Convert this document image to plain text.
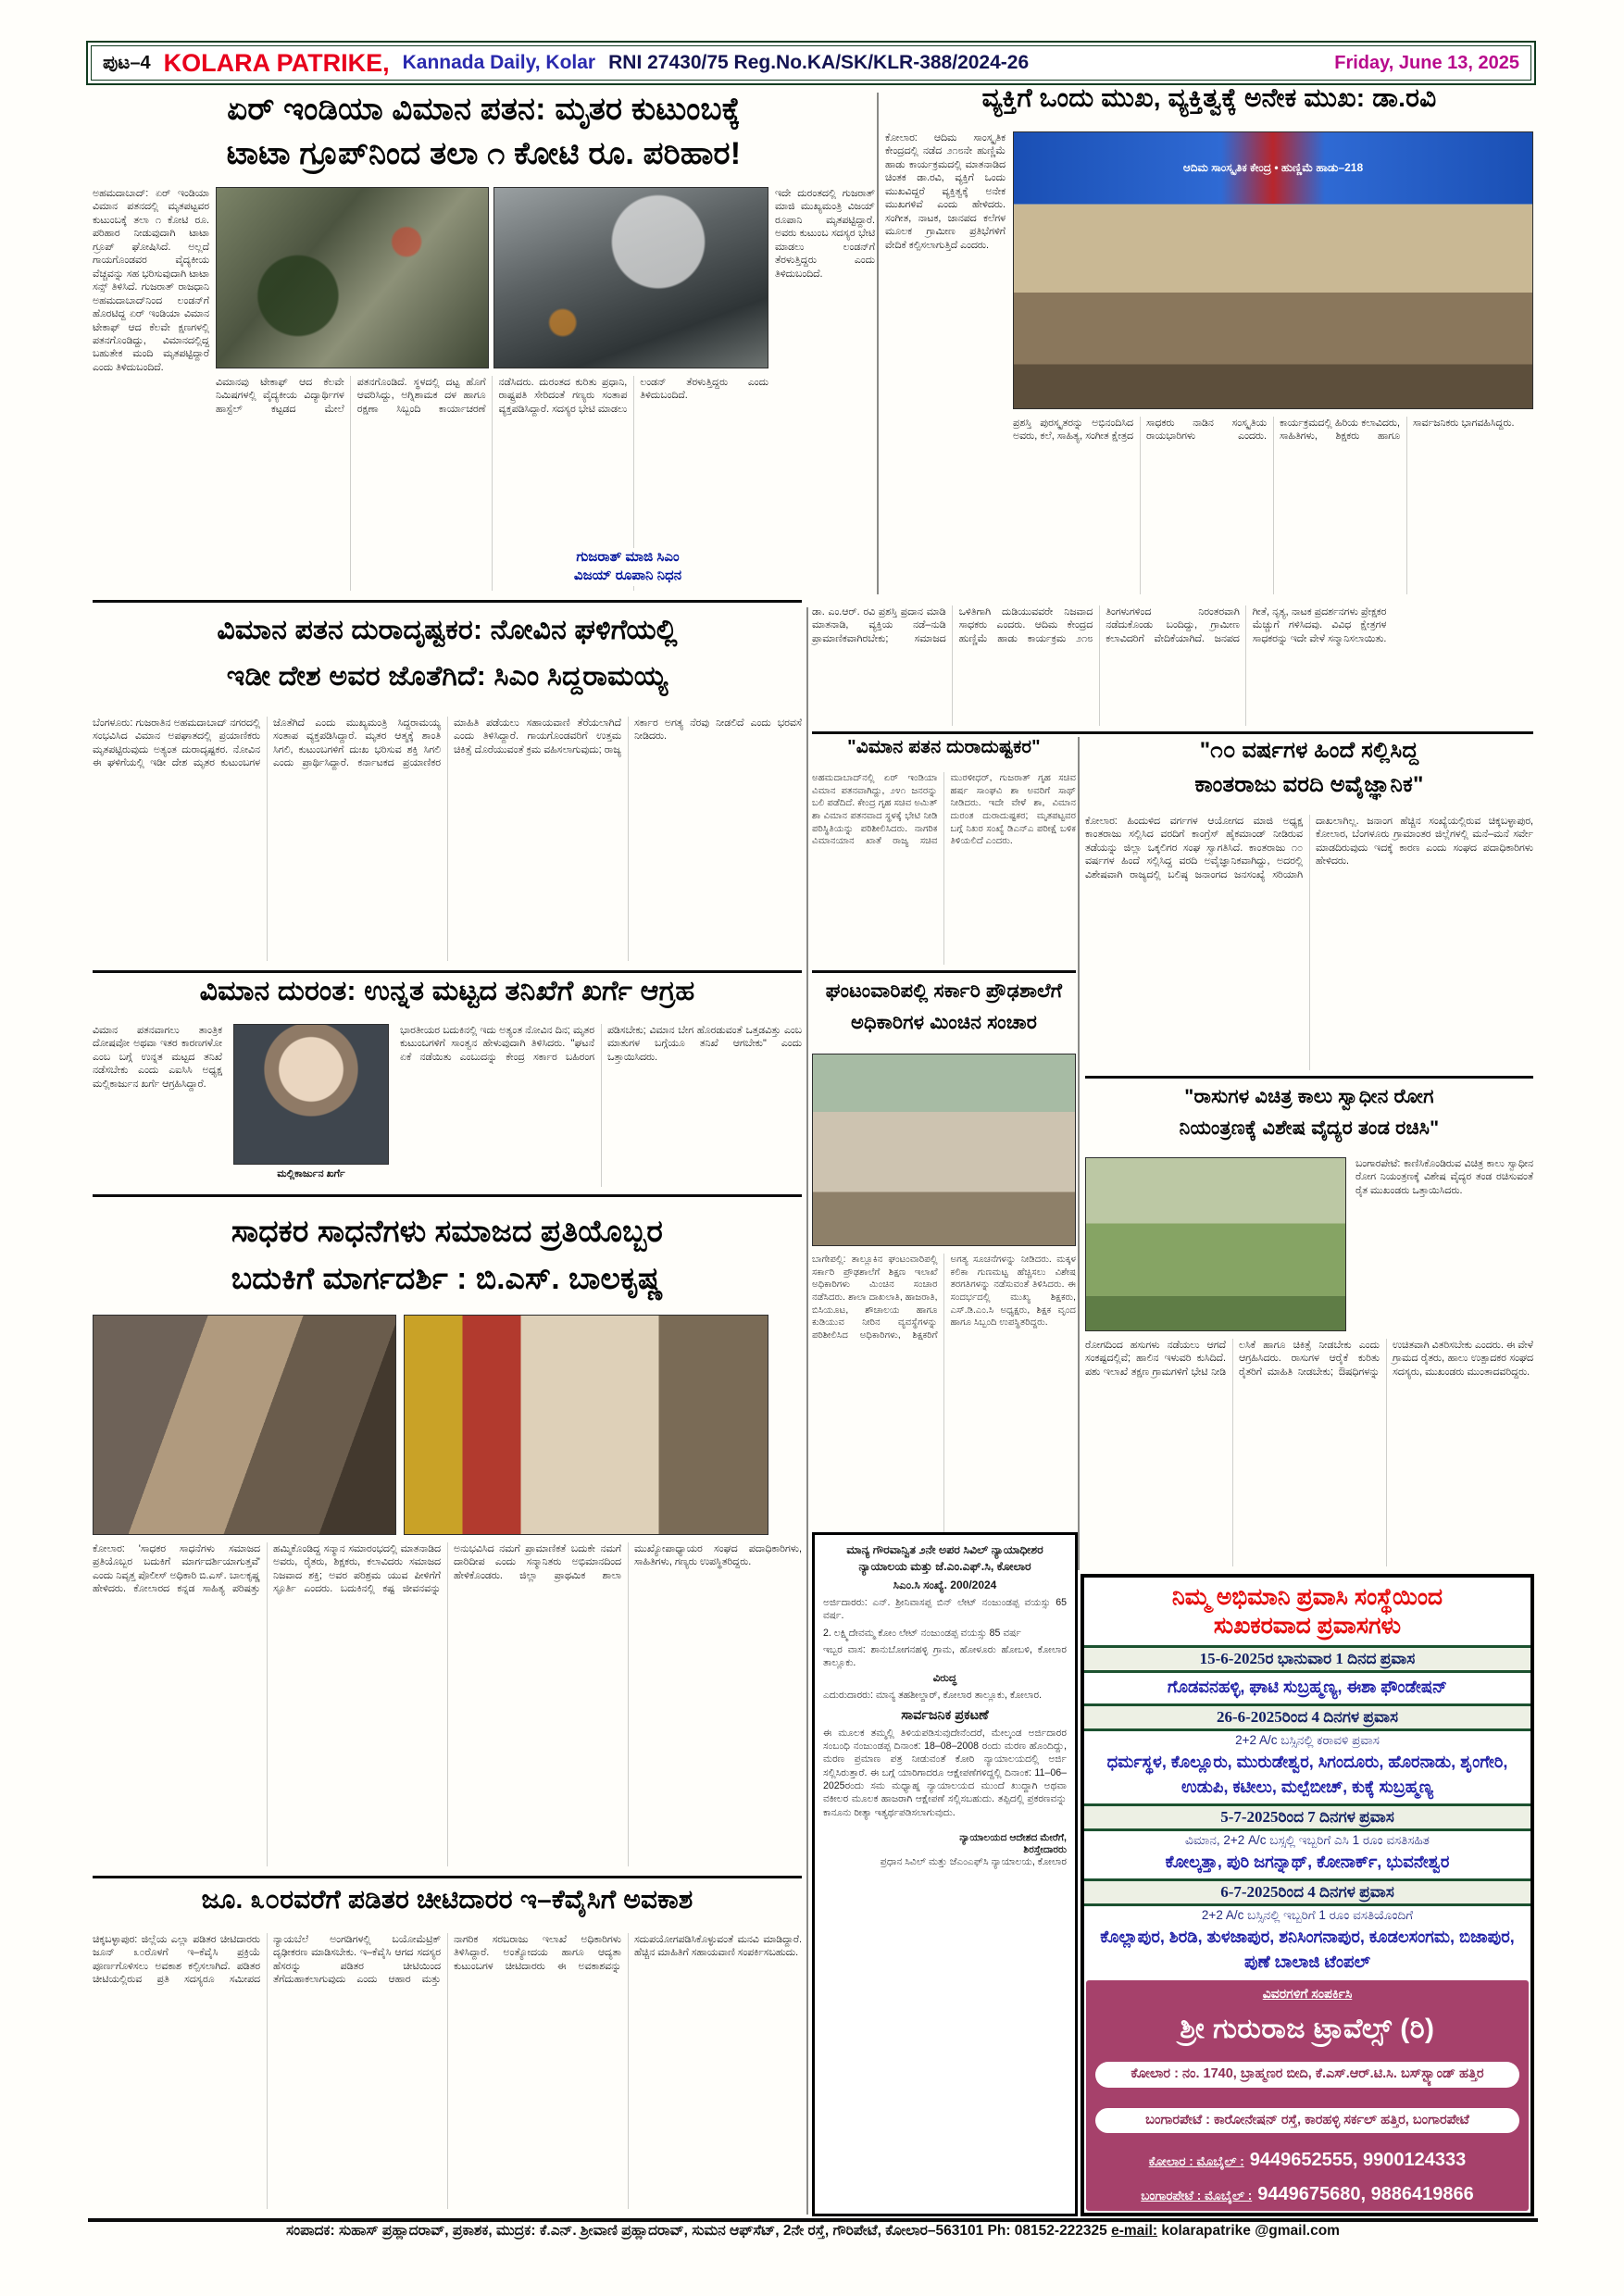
ಪುಟ–4 KOLARA PATRIKE, Kannada Daily, Kolar RNI 27430/75 Reg.No.KA/SK/KLR-388/2024-26	Friday, June 13, 2025
ಏರ್ ಇಂಡಿಯಾ ವಿಮಾನ ಪತನ: ಮೃತರ ಕುಟುಂಬಕ್ಕೆ
ಟಾಟಾ ಗ್ರೂಪ್‌ನಿಂದ ತಲಾ ೧ ಕೋಟಿ ರೂ. ಪರಿಹಾರ!
ಅಹಮದಾಬಾದ್: ಏರ್ ಇಂಡಿಯಾ ವಿಮಾನ ಪತನದಲ್ಲಿ ಮೃತಪಟ್ಟವರ ಕುಟುಂಬಕ್ಕೆ ತಲಾ ೧ ಕೋಟಿ ರೂ. ಪರಿಹಾರ ನೀಡುವುದಾಗಿ ಟಾಟಾ ಗ್ರೂಪ್ ಘೋಷಿಸಿದೆ. ಅಲ್ಲದೆ ಗಾಯಗೊಂಡವರ ವೈದ್ಯಕೀಯ ವೆಚ್ಚವನ್ನು ಸಹ ಭರಿಸುವುದಾಗಿ ಟಾಟಾ ಸನ್ಸ್ ತಿಳಿಸಿದೆ. ಗುಜರಾತ್ ರಾಜಧಾನಿ ಅಹಮದಾಬಾದ್‌ನಿಂದ ಲಂಡನ್‌ಗೆ ಹೊರಟಿದ್ದ ಏರ್ ಇಂಡಿಯಾ ವಿಮಾನ ಟೇಕಾಫ್ ಆದ ಕೆಲವೇ ಕ್ಷಣಗಳಲ್ಲಿ ಪತನಗೊಂಡಿದ್ದು, ವಿಮಾನದಲ್ಲಿದ್ದ ಬಹುತೇಕ ಮಂದಿ ಮೃತಪಟ್ಟಿದ್ದಾರೆ ಎಂದು ತಿಳಿದುಬಂದಿದೆ.
ವಿಮಾನವು ಟೇಕಾಫ್ ಆದ ಕೆಲವೇ ನಿಮಿಷಗಳಲ್ಲಿ ವೈದ್ಯಕೀಯ ವಿದ್ಯಾರ್ಥಿಗಳ ಹಾಸ್ಟೆಲ್ ಕಟ್ಟಡದ ಮೇಲೆ ಪತನಗೊಂಡಿದೆ. ಸ್ಥಳದಲ್ಲಿ ದಟ್ಟ ಹೊಗೆ ಆವರಿಸಿದ್ದು, ಅಗ್ನಿಶಾಮಕ ದಳ ಹಾಗೂ ರಕ್ಷಣಾ ಸಿಬ್ಬಂದಿ ಕಾರ್ಯಾಚರಣೆ ನಡೆಸಿದರು. ದುರಂತದ ಕುರಿತು ಪ್ರಧಾನಿ, ರಾಷ್ಟ್ರಪತಿ ಸೇರಿದಂತೆ ಗಣ್ಯರು ಸಂತಾಪ ವ್ಯಕ್ತಪಡಿಸಿದ್ದಾರೆ. ಸದಸ್ಯರ ಭೇಟಿ ಮಾಡಲು ಲಂಡನ್ ತೆರಳುತ್ತಿದ್ದರು ಎಂದು ತಿಳಿದುಬಂದಿದೆ.
ಇದೇ ದುರಂತದಲ್ಲಿ ಗುಜರಾತ್ ಮಾಜಿ ಮುಖ್ಯಮಂತ್ರಿ ವಿಜಯ್ ರೂಪಾನಿ ಮೃತಪಟ್ಟಿದ್ದಾರೆ. ಅವರು ಕುಟುಂಬ ಸದಸ್ಯರ ಭೇಟಿ ಮಾಡಲು ಲಂಡನ್‌ಗೆ ತೆರಳುತ್ತಿದ್ದರು ಎಂದು ತಿಳಿದುಬಂದಿದೆ.
ಗುಜರಾತ್ ಮಾಜಿ ಸಿಎಂ
ವಿಜಯ್ ರೂಪಾನಿ ನಿಧನ
ವ್ಯಕ್ತಿಗೆ ಒಂದು ಮುಖ, ವ್ಯಕ್ತಿತ್ವಕ್ಕೆ ಅನೇಕ ಮುಖ: ಡಾ.ರವಿ
ಕೋಲಾರ: ಆದಿಮ ಸಾಂಸ್ಕೃತಿಕ ಕೇಂದ್ರದಲ್ಲಿ ನಡೆದ ೨೧೮ನೇ ಹುಣ್ಣಿಮೆ ಹಾಡು ಕಾರ್ಯಕ್ರಮದಲ್ಲಿ ಮಾತನಾಡಿದ ಚಿಂತಕ ಡಾ.ರವಿ, ವ್ಯಕ್ತಿಗೆ ಒಂದು ಮುಖವಿದ್ದರೆ ವ್ಯಕ್ತಿತ್ವಕ್ಕೆ ಅನೇಕ ಮುಖಗಳಿವೆ ಎಂದು ಹೇಳಿದರು. ಸಂಗೀತ, ನಾಟಕ, ಜಾನಪದ ಕಲೆಗಳ ಮೂಲಕ ಗ್ರಾಮೀಣ ಪ್ರತಿಭೆಗಳಿಗೆ ವೇದಿಕೆ ಕಲ್ಪಿಸಲಾಗುತ್ತಿದೆ ಎಂದರು.
ಆದಿಮ ಸಾಂಸ್ಕೃತಿಕ ಕೇಂದ್ರ • ಹುಣ್ಣಿಮೆ ಹಾಡು–218
ಪ್ರಶಸ್ತಿ ಪುರಸ್ಕೃತರನ್ನು ಅಭಿನಂದಿಸಿದ ಅವರು, ಕಲೆ, ಸಾಹಿತ್ಯ, ಸಂಗೀತ ಕ್ಷೇತ್ರದ ಸಾಧಕರು ನಾಡಿನ ಸಂಸ್ಕೃತಿಯ ರಾಯಭಾರಿಗಳು ಎಂದರು. ಕಾರ್ಯಕ್ರಮದಲ್ಲಿ ಹಿರಿಯ ಕಲಾವಿದರು, ಸಾಹಿತಿಗಳು, ಶಿಕ್ಷಕರು ಹಾಗೂ ಸಾರ್ವಜನಿಕರು ಭಾಗವಹಿಸಿದ್ದರು.
ಡಾ. ಎಂ.ಆರ್. ರವಿ ಪ್ರಶಸ್ತಿ ಪ್ರದಾನ ಮಾಡಿ ಮಾತನಾಡಿ, ವ್ಯಕ್ತಿಯ ನಡೆ–ನುಡಿ ಪ್ರಾಮಾಣಿಕವಾಗಿರಬೇಕು; ಸಮಾಜದ ಒಳಿತಿಗಾಗಿ ದುಡಿಯುವವರೇ ನಿಜವಾದ ಸಾಧಕರು ಎಂದರು. ಆದಿಮ ಕೇಂದ್ರದ ಹುಣ್ಣಿಮೆ ಹಾಡು ಕಾರ್ಯಕ್ರಮ ೨೧೮ ತಿಂಗಳುಗಳಿಂದ ನಿರಂತರವಾಗಿ ನಡೆದುಕೊಂಡು ಬಂದಿದ್ದು, ಗ್ರಾಮೀಣ ಕಲಾವಿದರಿಗೆ ವೇದಿಕೆಯಾಗಿದೆ. ಜನಪದ ಗೀತೆ, ನೃತ್ಯ, ನಾಟಕ ಪ್ರದರ್ಶನಗಳು ಪ್ರೇಕ್ಷಕರ ಮೆಚ್ಚುಗೆ ಗಳಿಸಿದವು. ವಿವಿಧ ಕ್ಷೇತ್ರಗಳ ಸಾಧಕರನ್ನು ಇದೇ ವೇಳೆ ಸನ್ಮಾನಿಸಲಾಯಿತು.
ವಿಮಾನ ಪತನ ದುರಾದೃಷ್ಟಕರ: ನೋವಿನ ಘಳಿಗೆಯಲ್ಲಿ
ಇಡೀ ದೇಶ ಅವರ ಜೊತೆಗಿದೆ: ಸಿಎಂ ಸಿದ್ದರಾಮಯ್ಯ
ಬೆಂಗಳೂರು: ಗುಜರಾತಿನ ಅಹಮದಾಬಾದ್ ನಗರದಲ್ಲಿ ಸಂಭವಿಸಿದ ವಿಮಾನ ಅಪಘಾತದಲ್ಲಿ ಪ್ರಯಾಣಿಕರು ಮೃತಪಟ್ಟಿರುವುದು ಅತ್ಯಂತ ದುರಾದೃಷ್ಟಕರ. ನೋವಿನ ಈ ಘಳಿಗೆಯಲ್ಲಿ ಇಡೀ ದೇಶ ಮೃತರ ಕುಟುಂಬಗಳ ಜೊತೆಗಿದೆ ಎಂದು ಮುಖ್ಯಮಂತ್ರಿ ಸಿದ್ದರಾಮಯ್ಯ ಸಂತಾಪ ವ್ಯಕ್ತಪಡಿಸಿದ್ದಾರೆ. ಮೃತರ ಆತ್ಮಕ್ಕೆ ಶಾಂತಿ ಸಿಗಲಿ, ಕುಟುಂಬಗಳಿಗೆ ದುಃಖ ಭರಿಸುವ ಶಕ್ತಿ ಸಿಗಲಿ ಎಂದು ಪ್ರಾರ್ಥಿಸಿದ್ದಾರೆ. ಕರ್ನಾಟಕದ ಪ್ರಯಾಣಿಕರ ಮಾಹಿತಿ ಪಡೆಯಲು ಸಹಾಯವಾಣಿ ತೆರೆಯಲಾಗಿದೆ ಎಂದು ತಿಳಿಸಿದ್ದಾರೆ. ಗಾಯಗೊಂಡವರಿಗೆ ಉತ್ತಮ ಚಿಕಿತ್ಸೆ ದೊರೆಯುವಂತೆ ಕ್ರಮ ವಹಿಸಲಾಗುವುದು; ರಾಜ್ಯ ಸರ್ಕಾರ ಅಗತ್ಯ ನೆರವು ನೀಡಲಿದೆ ಎಂದು ಭರವಸೆ ನೀಡಿದರು.
"ವಿಮಾನ ಪತನ ದುರಾದುಷ್ಟಕರ"
ಅಹಮದಾಬಾದ್‌ನಲ್ಲಿ ಏರ್ ಇಂಡಿಯಾ ವಿಮಾನ ಪತನವಾಗಿದ್ದು, ೨೪೧ ಜನರನ್ನು ಬಲಿ ಪಡೆದಿದೆ. ಕೇಂದ್ರ ಗೃಹ ಸಚಿವ ಅಮಿತ್ ಶಾ ವಿಮಾನ ಪತನವಾದ ಸ್ಥಳಕ್ಕೆ ಭೇಟಿ ನೀಡಿ ಪರಿಸ್ಥಿತಿಯನ್ನು ಪರಿಶೀಲಿಸಿದರು. ನಾಗರಿಕ ವಿಮಾನಯಾನ ಖಾತೆ ರಾಜ್ಯ ಸಚಿವ ಮುರಳೀಧರ್, ಗುಜರಾತ್ ಗೃಹ ಸಚಿವ ಹರ್ಷ ಸಾಂಘವಿ ಶಾ ಅವರಿಗೆ ಸಾಥ್ ನೀಡಿದರು. ಇದೇ ವೇಳೆ ಶಾ, ವಿಮಾನ ದುರಂತ ದುರಾದುಷ್ಟಕರ; ಮೃತಪಟ್ಟವರ ಬಗ್ಗೆ ನಿಖರ ಸಂಖ್ಯೆ ಡಿಎನ್‌ಎ ಪರೀಕ್ಷೆ ಬಳಿಕ ತಿಳಿಯಲಿದೆ ಎಂದರು.
"೧೦ ವರ್ಷಗಳ ಹಿಂದೆ ಸಲ್ಲಿಸಿದ್ದ
ಕಾಂತರಾಜು ವರದಿ ಅವೈಜ್ಞಾನಿಕ"
ಕೋಲಾರ: ಹಿಂದುಳಿದ ವರ್ಗಗಳ ಆಯೋಗದ ಮಾಜಿ ಅಧ್ಯಕ್ಷ ಕಾಂತರಾಜು ಸಲ್ಲಿಸಿದ ವರದಿಗೆ ಕಾಂಗ್ರೆಸ್ ಹೈಕಮಾಂಡ್ ನೀಡಿರುವ ತಡೆಯನ್ನು ಜಿಲ್ಲಾ ಒಕ್ಕಲಿಗರ ಸಂಘ ಸ್ವಾಗತಿಸಿದೆ. ಕಾಂತರಾಜು ೧೦ ವರ್ಷಗಳ ಹಿಂದೆ ಸಲ್ಲಿಸಿದ್ದ ವರದಿ ಅವೈಜ್ಞಾನಿಕವಾಗಿದ್ದು, ಅದರಲ್ಲಿ ವಿಶೇಷವಾಗಿ ರಾಜ್ಯದಲ್ಲಿ ಬಲಿಷ್ಠ ಜನಾಂಗದ ಜನಸಂಖ್ಯೆ ಸರಿಯಾಗಿ ದಾಖಲಾಗಿಲ್ಲ. ಜನಾಂಗ ಹೆಚ್ಚಿನ ಸಂಖ್ಯೆಯಲ್ಲಿರುವ ಚಿಕ್ಕಬಳ್ಳಾಪುರ, ಕೋಲಾರ, ಬೆಂಗಳೂರು ಗ್ರಾಮಾಂತರ ಜಿಲ್ಲೆಗಳಲ್ಲಿ ಮನೆ–ಮನೆ ಸರ್ವೇ ಮಾಡದಿರುವುದು ಇದಕ್ಕೆ ಕಾರಣ ಎಂದು ಸಂಘದ ಪದಾಧಿಕಾರಿಗಳು ಹೇಳಿದರು.
ವಿಮಾನ ದುರಂತ: ಉನ್ನತ ಮಟ್ಟದ ತನಿಖೆಗೆ ಖರ್ಗೆ ಆಗ್ರಹ
ವಿಮಾನ ಪತನವಾಗಲು ತಾಂತ್ರಿಕ ದೋಷವೋ ಅಥವಾ ಇತರ ಕಾರಣಗಳೋ ಎಂಬ ಬಗ್ಗೆ ಉನ್ನತ ಮಟ್ಟದ ತನಿಖೆ ನಡೆಸಬೇಕು ಎಂದು ಎಐಸಿಸಿ ಅಧ್ಯಕ್ಷ ಮಲ್ಲಿಕಾರ್ಜುನ ಖರ್ಗೆ ಆಗ್ರಹಿಸಿದ್ದಾರೆ.
ಮಲ್ಲಿಕಾರ್ಜುನ ಖರ್ಗೆ
ಭಾರತೀಯರ ಬದುಕಿನಲ್ಲಿ ಇದು ಅತ್ಯಂತ ನೋವಿನ ದಿನ; ಮೃತರ ಕುಟುಂಬಗಳಿಗೆ ಸಾಂತ್ವನ ಹೇಳುವುದಾಗಿ ತಿಳಿಸಿದರು. "ಘಟನೆ ಏಕೆ ನಡೆಯಿತು ಎಂಬುದನ್ನು ಕೇಂದ್ರ ಸರ್ಕಾರ ಬಹಿರಂಗ ಪಡಿಸಬೇಕು; ವಿಮಾನ ಬೇಗ ಹೊರಡುವಂತೆ ಒತ್ತಡವಿತ್ತು ಎಂಬ ಮಾತುಗಳ ಬಗ್ಗೆಯೂ ತನಿಖೆ ಆಗಬೇಕು" ಎಂದು ಒತ್ತಾಯಿಸಿದರು.
ಘಂಟಂವಾರಿಪಲ್ಲಿ ಸರ್ಕಾರಿ ಪ್ರೌಢಶಾಲೆಗೆ
ಅಧಿಕಾರಿಗಳ ಮಿಂಚಿನ ಸಂಚಾರ
ಬಾಗೇಪಲ್ಲಿ: ತಾಲ್ಲೂಕಿನ ಘಂಟಂವಾರಿಪಲ್ಲಿ ಸರ್ಕಾರಿ ಪ್ರೌಢಶಾಲೆಗೆ ಶಿಕ್ಷಣ ಇಲಾಖೆ ಅಧಿಕಾರಿಗಳು ಮಿಂಚಿನ ಸಂಚಾರ ನಡೆಸಿದರು. ಶಾಲಾ ದಾಖಲಾತಿ, ಹಾಜರಾತಿ, ಬಿಸಿಯೂಟ, ಶೌಚಾಲಯ ಹಾಗೂ ಕುಡಿಯುವ ನೀರಿನ ವ್ಯವಸ್ಥೆಗಳನ್ನು ಪರಿಶೀಲಿಸಿದ ಅಧಿಕಾರಿಗಳು, ಶಿಕ್ಷಕರಿಗೆ ಅಗತ್ಯ ಸೂಚನೆಗಳನ್ನು ನೀಡಿದರು. ಮಕ್ಕಳ ಕಲಿಕಾ ಗುಣಮಟ್ಟ ಹೆಚ್ಚಿಸಲು ವಿಶೇಷ ತರಗತಿಗಳನ್ನು ನಡೆಸುವಂತೆ ತಿಳಿಸಿದರು. ಈ ಸಂದರ್ಭದಲ್ಲಿ ಮುಖ್ಯ ಶಿಕ್ಷಕರು, ಎಸ್.ಡಿ.ಎಂ.ಸಿ ಅಧ್ಯಕ್ಷರು, ಶಿಕ್ಷಕ ವೃಂದ ಹಾಗೂ ಸಿಬ್ಬಂದಿ ಉಪಸ್ಥಿತರಿದ್ದರು.
"ರಾಸುಗಳ ವಿಚಿತ್ರ ಕಾಲು ಸ್ವಾಧೀನ ರೋಗ
ನಿಯಂತ್ರಣಕ್ಕೆ ವಿಶೇಷ ವೈದ್ಯರ ತಂಡ ರಚಿಸಿ"
ಬಂಗಾರಪೇಟೆ: ಕಾಣಿಸಿಕೊಂಡಿರುವ ವಿಚಿತ್ರ ಕಾಲು ಸ್ವಾಧೀನ ರೋಗ ನಿಯಂತ್ರಣಕ್ಕೆ ವಿಶೇಷ ವೈದ್ಯರ ತಂಡ ರಚಿಸುವಂತೆ ರೈತ ಮುಖಂಡರು ಒತ್ತಾಯಿಸಿದರು.
ರೋಗದಿಂದ ಹಸುಗಳು ನಡೆಯಲು ಆಗದೆ ಸಂಕಷ್ಟದಲ್ಲಿವೆ; ಹಾಲಿನ ಇಳುವರಿ ಕುಸಿದಿದೆ. ಪಶು ಇಲಾಖೆ ತಕ್ಷಣ ಗ್ರಾಮಗಳಿಗೆ ಭೇಟಿ ನೀಡಿ ಲಸಿಕೆ ಹಾಗೂ ಚಿಕಿತ್ಸೆ ನೀಡಬೇಕು ಎಂದು ಆಗ್ರಹಿಸಿದರು. ರಾಸುಗಳ ಆರೈಕೆ ಕುರಿತು ರೈತರಿಗೆ ಮಾಹಿತಿ ನೀಡಬೇಕು; ಔಷಧಿಗಳನ್ನು ಉಚಿತವಾಗಿ ವಿತರಿಸಬೇಕು ಎಂದರು. ಈ ವೇಳೆ ಗ್ರಾಮದ ರೈತರು, ಹಾಲು ಉತ್ಪಾದಕರ ಸಂಘದ ಸದಸ್ಯರು, ಮುಖಂಡರು ಮುಂತಾದವರಿದ್ದರು.
ಸಾಧಕರ ಸಾಧನೆಗಳು ಸಮಾಜದ ಪ್ರತಿಯೊಬ್ಬರ
ಬದುಕಿಗೆ ಮಾರ್ಗದರ್ಶಿ : ಬಿ.ಎಸ್. ಬಾಲಕೃಷ್ಣ
ಕೋಲಾರ: 'ಸಾಧಕರ ಸಾಧನೆಗಳು ಸಮಾಜದ ಪ್ರತಿಯೊಬ್ಬರ ಬದುಕಿಗೆ ಮಾರ್ಗದರ್ಶಿಯಾಗುತ್ತವೆ' ಎಂದು ನಿವೃತ್ತ ಪೊಲೀಸ್ ಅಧಿಕಾರಿ ಬಿ.ಎಸ್. ಬಾಲಕೃಷ್ಣ ಹೇಳಿದರು. ಕೋಲಾರದ ಕನ್ನಡ ಸಾಹಿತ್ಯ ಪರಿಷತ್ತು ಹಮ್ಮಿಕೊಂಡಿದ್ದ ಸನ್ಮಾನ ಸಮಾರಂಭದಲ್ಲಿ ಮಾತನಾಡಿದ ಅವರು, ರೈತರು, ಶಿಕ್ಷಕರು, ಕಲಾವಿದರು ಸಮಾಜದ ನಿಜವಾದ ಶಕ್ತಿ; ಅವರ ಪರಿಶ್ರಮ ಯುವ ಪೀಳಿಗೆಗೆ ಸ್ಫೂರ್ತಿ ಎಂದರು. ಬದುಕಿನಲ್ಲಿ ಕಷ್ಟ ಜೀವನವನ್ನು ಅನುಭವಿಸಿದ ನಮಗೆ ಪ್ರಾಮಾಣಿಕತೆ ಬದುಕೇ ನಮಗೆ ದಾರಿದೀಪ ಎಂದು ಸನ್ಮಾನಿತರು ಅಭಿಮಾನದಿಂದ ಹೇಳಿಕೊಂಡರು. ಜಿಲ್ಲಾ ಪ್ರಾಥಮಿಕ ಶಾಲಾ ಮುಖ್ಯೋಪಾಧ್ಯಾಯರ ಸಂಘದ ಪದಾಧಿಕಾರಿಗಳು, ಸಾಹಿತಿಗಳು, ಗಣ್ಯರು ಉಪಸ್ಥಿತರಿದ್ದರು.
ಜೂ. ೩೦ರವರೆಗೆ ಪಡಿತರ ಚೀಟಿದಾರರ ಇ–ಕೆವೈಸಿಗೆ ಅವಕಾಶ
ಚಿಕ್ಕಬಳ್ಳಾಪುರ: ಜಿಲ್ಲೆಯ ಎಲ್ಲಾ ಪಡಿತರ ಚೀಟಿದಾರರು ಜೂನ್ ೩೦ರೊಳಗೆ ಇ–ಕೆವೈಸಿ ಪ್ರಕ್ರಿಯೆ ಪೂರ್ಣಗೊಳಿಸಲು ಅವಕಾಶ ಕಲ್ಪಿಸಲಾಗಿದೆ. ಪಡಿತರ ಚೀಟಿಯಲ್ಲಿರುವ ಪ್ರತಿ ಸದಸ್ಯರೂ ಸಮೀಪದ ನ್ಯಾಯಬೆಲೆ ಅಂಗಡಿಗಳಲ್ಲಿ ಬಯೋಮೆಟ್ರಿಕ್ ದೃಢೀಕರಣ ಮಾಡಿಸಬೇಕು. ಇ–ಕೆವೈಸಿ ಆಗದ ಸದಸ್ಯರ ಹೆಸರನ್ನು ಪಡಿತರ ಚೀಟಿಯಿಂದ ತೆಗೆದುಹಾಕಲಾಗುವುದು ಎಂದು ಆಹಾರ ಮತ್ತು ನಾಗರಿಕ ಸರಬರಾಜು ಇಲಾಖೆ ಅಧಿಕಾರಿಗಳು ತಿಳಿಸಿದ್ದಾರೆ. ಅಂತ್ಯೋದಯ ಹಾಗೂ ಆದ್ಯತಾ ಕುಟುಂಬಗಳ ಚೀಟಿದಾರರು ಈ ಅವಕಾಶವನ್ನು ಸದುಪಯೋಗಪಡಿಸಿಕೊಳ್ಳುವಂತೆ ಮನವಿ ಮಾಡಿದ್ದಾರೆ. ಹೆಚ್ಚಿನ ಮಾಹಿತಿಗೆ ಸಹಾಯವಾಣಿ ಸಂಪರ್ಕಿಸಬಹುದು.
ಮಾನ್ಯ ಗೌರವಾನ್ವಿತ ೨ನೇ ಅಪರ ಸಿವಿಲ್ ನ್ಯಾಯಾಧೀಶರ
ನ್ಯಾಯಾಲಯ ಮತ್ತು ಜೆ.ಎಂ.ಎಫ್.ಸಿ, ಕೋಲಾರ
ಸಿಎಂ.ಸಿ ಸಂಖ್ಯೆ. 200/2024

ಅರ್ಜಿದಾರರು: ಎನ್. ಶ್ರೀನಿವಾಸಪ್ಪ ಬಿನ್ ಲೇಟ್ ನಂಜುಂಡಪ್ಪ ವಯಸ್ಸು 65 ವರ್ಷ.

2. ಲಕ್ಷ್ಮಿದೇವಮ್ಮ ಕೋಂ ಲೇಟ್ ನಂಜುಂಡಪ್ಪ ವಯಸ್ಸು 85 ವರ್ಷ

ಇಬ್ಬರ ವಾಸ: ಶಾನುಬೋಗನಹಳ್ಳಿ ಗ್ರಾಮ, ಹೋಳೂರು ಹೋಬಳಿ, ಕೋಲಾರ ತಾಲ್ಲೂಕು.

ವಿರುದ್ಧ

ಎದುರುದಾರರು: ಮಾನ್ಯ ತಹಶೀಲ್ದಾರ್, ಕೋಲಾರ ತಾಲ್ಲೂಕು, ಕೋಲಾರ.

ಸಾರ್ವಜನಿಕ ಪ್ರಕಟಣೆ

ಈ ಮೂಲಕ ತಮ್ಮಲ್ಲಿ ತಿಳಿಯಪಡಿಸುವುದೇನೆಂದರೆ, ಮೇಲ್ಕಂಡ ಅರ್ಜಿದಾರರ ಸಂಬಂಧಿ ನಂಜುಂಡಪ್ಪ ದಿನಾಂಕ: 18–08–2008 ರಂದು ಮರಣ ಹೊಂದಿದ್ದು, ಮರಣ ಪ್ರಮಾಣ ಪತ್ರ ನೀಡುವಂತೆ ಕೋರಿ ನ್ಯಾಯಾಲಯದಲ್ಲಿ ಅರ್ಜಿ ಸಲ್ಲಿಸಿರುತ್ತಾರೆ. ಈ ಬಗ್ಗೆ ಯಾರಿಗಾದರೂ ಆಕ್ಷೇಪಣೆಗಳಿದ್ದಲ್ಲಿ ದಿನಾಂಕ: 11–06–2025ರಂದು ಸಮ ಮಧ್ಯಾಹ್ನ ನ್ಯಾಯಾಲಯದ ಮುಂದೆ ಖುದ್ದಾಗಿ ಅಥವಾ ವಕೀಲರ ಮೂಲಕ ಹಾಜರಾಗಿ ಆಕ್ಷೇಪಣೆ ಸಲ್ಲಿಸಬಹುದು. ತಪ್ಪಿದಲ್ಲಿ ಪ್ರಕರಣವನ್ನು ಕಾನೂನು ರೀತ್ಯಾ ಇತ್ಯರ್ಥಪಡಿಸಲಾಗುವುದು.

ನ್ಯಾಯಾಲಯದ ಆದೇಶದ ಮೇರೆಗೆ,
ಶಿರಸ್ತೇದಾರರು
ಪ್ರಧಾನ ಸಿವಿಲ್ ಮತ್ತು ಜೆಎಂಎಫ್‌ಸಿ ನ್ಯಾಯಾಲಯ, ಕೋಲಾರ
ನಿಮ್ಮ ಅಭಿಮಾನಿ ಪ್ರವಾಸಿ ಸಂಸ್ಥೆಯಿಂದ
ಸುಖಕರವಾದ ಪ್ರವಾಸಗಳು
15-6-2025ರ ಭಾನುವಾರ 1 ದಿನದ ಪ್ರವಾಸ
ಗೊಡವನಹಳ್ಳಿ, ಘಾಟಿ ಸುಬ್ರಹ್ಮಣ್ಯ, ಈಶಾ ಫೌಂಡೇಷನ್
26-6-2025ರಿಂದ 4 ದಿನಗಳ ಪ್ರವಾಸ
2+2 A/c ಬಸ್ಸಿನಲ್ಲಿ ಕರಾವಳಿ ಪ್ರವಾಸ
ಧರ್ಮಸ್ಥಳ, ಕೊಲ್ಲೂರು, ಮುರುಡೇಶ್ವರ, ಸಿಗಂದೂರು, ಹೊರನಾಡು, ಶೃಂಗೇರಿ, ಉಡುಪಿ, ಕಟೀಲು, ಮಲ್ಪೆಬೀಚ್, ಕುಕ್ಕೆ ಸುಬ್ರಹ್ಮಣ್ಯ
5-7-2025ರಿಂದ 7 ದಿನಗಳ ಪ್ರವಾಸ
ವಿಮಾನ, 2+2 A/c ಬಸ್ಸಲ್ಲಿ ಇಬ್ಬರಿಗೆ ಎಸಿ 1 ರೂಂ ವಸತಿಸಹಿತ
ಕೋಲ್ಕತ್ತಾ, ಪುರಿ ಜಗನ್ನಾಥ್, ಕೋನಾರ್ಕ್, ಭುವನೇಶ್ವರ
6-7-2025ರಿಂದ 4 ದಿನಗಳ ಪ್ರವಾಸ
2+2 A/c ಬಸ್ಸಿನಲ್ಲಿ ಇಬ್ಬರಿಗೆ 1 ರೂಂ ವಸತಿಯೊಂದಿಗೆ
ಕೊಲ್ಲಾಪುರ, ಶಿರಡಿ, ತುಳಜಾಪುರ, ಶನಿಸಿಂಗನಾಪುರ, ಕೂಡಲಸಂಗಮ, ಬಿಜಾಪುರ, ಪುಣೆ ಬಾಲಾಜಿ ಟೆಂಪಲ್
ವಿವರಗಳಿಗೆ ಸಂಪರ್ಕಿಸಿ
ಶ್ರೀ ಗುರುರಾಜ ಟ್ರಾವೆಲ್ಸ್ (ರಿ)
ಕೋಲಾರ : ನಂ. 1740, ಬ್ರಾಹ್ಮಣರ ಬೀದಿ, ಕೆ.ಎಸ್.ಆರ್.ಟಿ.ಸಿ. ಬಸ್‌ಸ್ಟ್ಯಾಂಡ್ ಹತ್ತಿರ
ಬಂಗಾರಪೇಟೆ : ಕಾರೋನೇಷನ್ ರಸ್ತೆ, ಕಾರಹಳ್ಳಿ ಸರ್ಕಲ್ ಹತ್ತಿರ, ಬಂಗಾರಪೇಟೆ
ಕೋಲಾರ : ಮೊಬೈಲ್ : 9449652555, 9900124333
ಬಂಗಾರಪೇಟೆ : ಮೊಬೈಲ್ : 9449675680, 9886419866
ಸಂಪಾದಕ: ಸುಹಾಸ್ ಪ್ರಹ್ಲಾದರಾವ್, ಪ್ರಕಾಶಕ, ಮುದ್ರಕ: ಕೆ.ಎನ್. ಶ್ರೀವಾಣಿ ಪ್ರಹ್ಲಾದರಾವ್, ಸುಮನ ಆಫ್‌ಸೆಟ್, 2ನೇ ರಸ್ತೆ, ಗೌರಿಪೇಟೆ, ಕೋಲಾರ–563101 Ph: 08152-222325 e-mail: kolarapatrike @gmail.com
